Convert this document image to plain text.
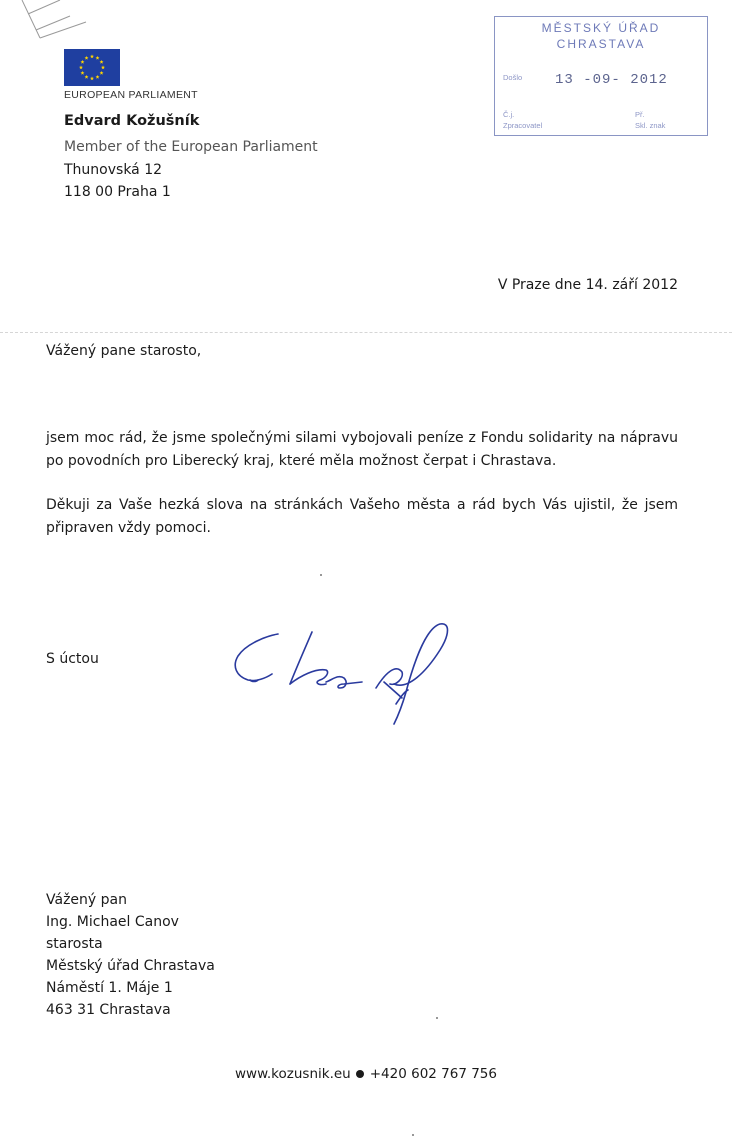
EUROPEAN PARLIAMENT
Edvard Kožušník
Member of the European Parliament
Thunovská 12
118 00 Praha 1
MĚSTSKÝ ÚŘAD
CHRASTAVA
Došlo 13 -09- 2012
Č.j.
Zpracovatel
Př.
Skl. znak
V Praze dne 14. září 2012
Vážený pane starosto,
jsem moc rád, že jsme společnými silami vybojovali peníze z Fondu solidarity na nápravu po povodních pro Liberecký kraj, které měla možnost čerpat i Chrastava.
Děkuji za Vaše hezká slova na stránkách Vašeho města a rád bych Vás ujistil, že jsem připraven vždy pomoci.
S úctou
Vážený pan
Ing. Michael Canov
starosta
Městský úřad Chrastava
Náměstí 1. Máje 1
463 31 Chrastava
www.kozusnik.eu +420 602 767 756
